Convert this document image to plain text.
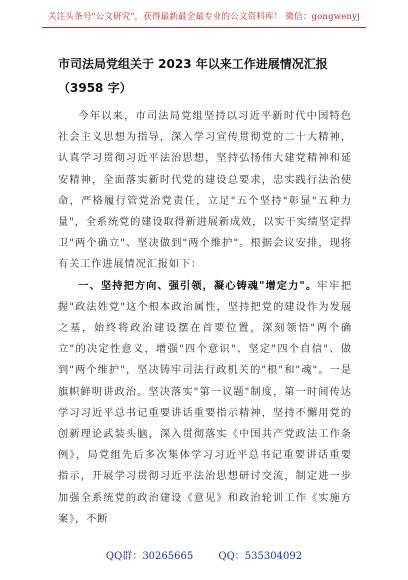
关注头条号"公文研究"，获得最新最全最专业的公文资料库！ 微信：gongwenyj
市司法局党组关于 2023 年以来工作进展情况汇报（3958 字）

今年以来，市司法局党组坚持以习近平新时代中国特色社会主义思想为指导，深入学习宣传贯彻党的二十大精神，认真学习贯彻习近平法治思想，坚持弘扬伟大建党精神和延安精神，全面落实新时代党的建设总要求，忠实践行法治使命，严格履行管党治党责任，立足"五个坚持"彰显"五种力量"，全系统党的建设取得新进展新成效，以实干实绩坚定捍卫"两个确立"、坚决做到"两个维护"。根据会议安排，现将有关工作进展情况汇报如下：

一、坚持把方向、强引领，凝心铸魂"增定力"。牢牢把握"政法姓党"这个根本政治属性，坚持把党的建设作为发展之基，始终将政治建设摆在首要位置，深刻领悟"两个确立"的决定性意义，增强"四个意识"、坚定"四个自信"、做到"两个维护"，坚决铸牢司法行政机关的"根"和"魂"。一是旗帜鲜明讲政治。坚决落实"第一议题"制度，第一时间传达学习习近平总书记重要讲话重要指示精神，坚持不懈用党的创新理论武装头脑，深入贯彻落实《中国共产党政法工作条例》，局党组先后多次集体学习习近平总书记重要讲话重要指示，开展学习贯彻习近平法治思想研讨交流，制定进一步加强全系统党的政治建设《意见》和政治轮训工作《实施方案》，不断

QQ群：30265665	QQ：535304092
